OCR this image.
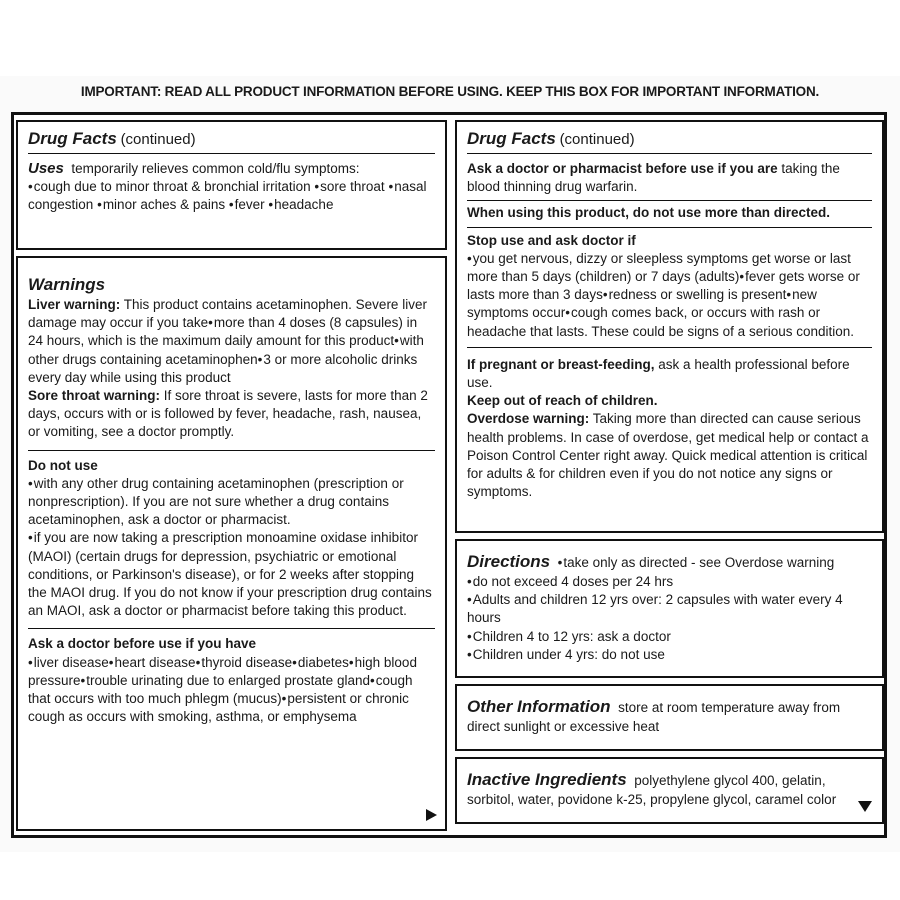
IMPORTANT: READ ALL PRODUCT INFORMATION BEFORE USING. KEEP THIS BOX FOR IMPORTANT INFORMATION.

Drug Facts (continued)

Uses temporarily relieves common cold/flu symptoms:
•cough due to minor throat & bronchial irritation •sore throat •nasal congestion •minor aches & pains •fever •headache

Warnings

Liver warning: This product contains acetaminophen. Severe liver damage may occur if you take•more than 4 doses (8 capsules) in 24 hours, which is the maximum daily amount for this product•with other drugs containing acetaminophen•3 or more alcoholic drinks every day while using this product

Sore throat warning: If sore throat is severe, lasts for more than 2 days, occurs with or is followed by fever, headache, rash, nausea, or vomiting, see a doctor promptly.

Do not use

•with any other drug containing acetaminophen (prescription or nonprescription). If you are not sure whether a drug contains acetaminophen, ask a doctor or pharmacist.

•if you are now taking a prescription monoamine oxidase inhibitor (MAOI) (certain drugs for depression, psychiatric or emotional conditions, or Parkinson's disease), or for 2 weeks after stopping the MAOI drug. If you do not know if your prescription drug contains an MAOI, ask a doctor or pharmacist before taking this product.

Ask a doctor before use if you have

•liver disease•heart disease•thyroid disease•diabetes•high blood pressure•trouble urinating due to enlarged prostate gland•cough that occurs with too much phlegm (mucus)•persistent or chronic cough as occurs with smoking, asthma, or emphysema

Drug Facts (continued)

Ask a doctor or pharmacist before use if you are taking the blood thinning drug warfarin.

When using this product, do not use more than directed.

Stop use and ask doctor if

•you get nervous, dizzy or sleepless symptoms get worse or last more than 5 days (children) or 7 days (adults)•fever gets worse or lasts more than 3 days•redness or swelling is present•new symptoms occur•cough comes back, or occurs with rash or headache that lasts. These could be signs of a serious condition.

If pregnant or breast-feeding, ask a health professional before use.

Keep out of reach of children.

Overdose warning: Taking more than directed can cause serious health problems. In case of overdose, get medical help or contact a Poison Control Center right away. Quick medical attention is critical for adults & for children even if you do not notice any signs or symptoms.

Directions •take only as directed - see Overdose warning

•do not exceed 4 doses per 24 hrs

•Adults and children 12 yrs over: 2 capsules with water every 4 hours

•Children 4 to 12 yrs: ask a doctor

•Children under 4 yrs: do not use

Other Information store at room temperature away from direct sunlight or excessive heat

Inactive Ingredients polyethylene glycol 400, gelatin, sorbitol, water, povidone k-25, propylene glycol, caramel color
